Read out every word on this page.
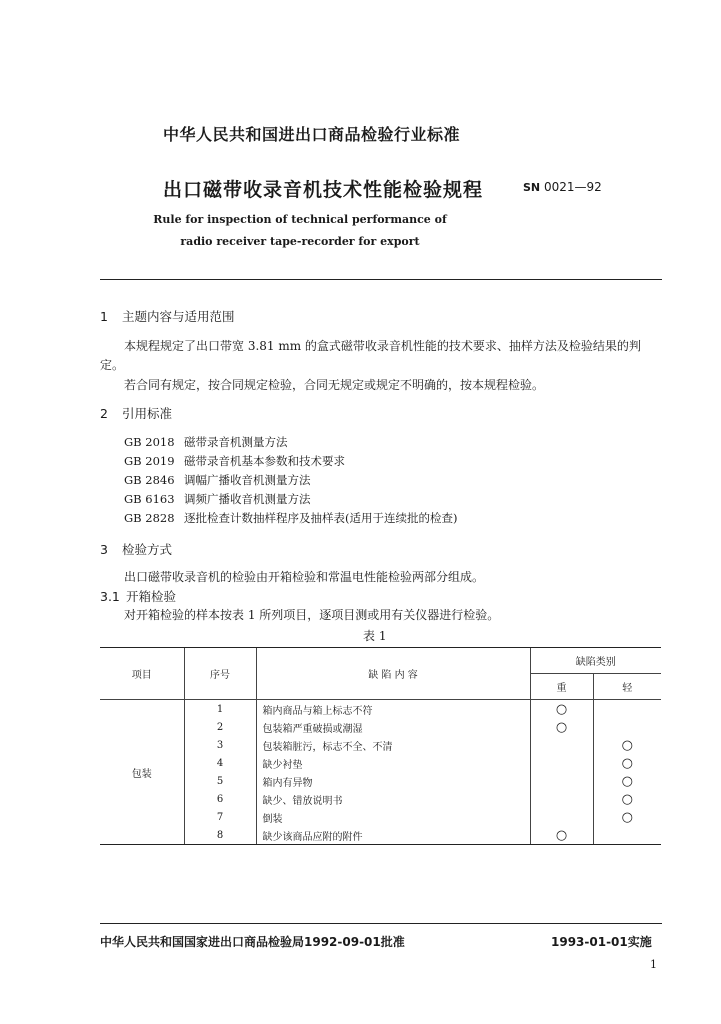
中华人民共和国进出口商品检验行业标准
出口磁带收录音机技术性能检验规程	SN 0021—92
Rule for inspection of technical performance of
radio receiver tape-recorder for export
1 主题内容与适用范围
本规程规定了出口带宽 3.81 mm 的盒式磁带收录音机性能的技术要求、抽样方法及检验结果的判
定。
若合同有规定，按合同规定检验，合同无规定或规定不明确的，按本规程检验。
2 引用标准
GB 2018 磁带录音机测量方法
GB 2019 磁带录音机基本参数和技术要求
GB 2846 调幅广播收音机测量方法
GB 6163 调频广播收音机测量方法
GB 2828 逐批检查计数抽样程序及抽样表(适用于连续批的检查)
3 检验方式
出口磁带收录音机的检验由开箱检验和常温电性能检验两部分组成。
3.1 开箱检验
对开箱检验的样本按表 1 所列项目，逐项目测或用有关仪器进行检验。
表 1
项目	序号	缺 陷 内 容	缺陷类别	
			重	轻
包装	1	箱内商品与箱上标志不符	○	
	2	包装箱严重破损或潮湿	○	
	3	包装箱脏污，标志不全、不清		○
	4	缺少衬垫		○
	5	箱内有异物		○
	6	缺少、错放说明书		○
	7	倒装		○
	8	缺少该商品应附的附件	○	
中华人民共和国国家进出口商品检验局1992-09-01批准	1993-01-01实施
1
